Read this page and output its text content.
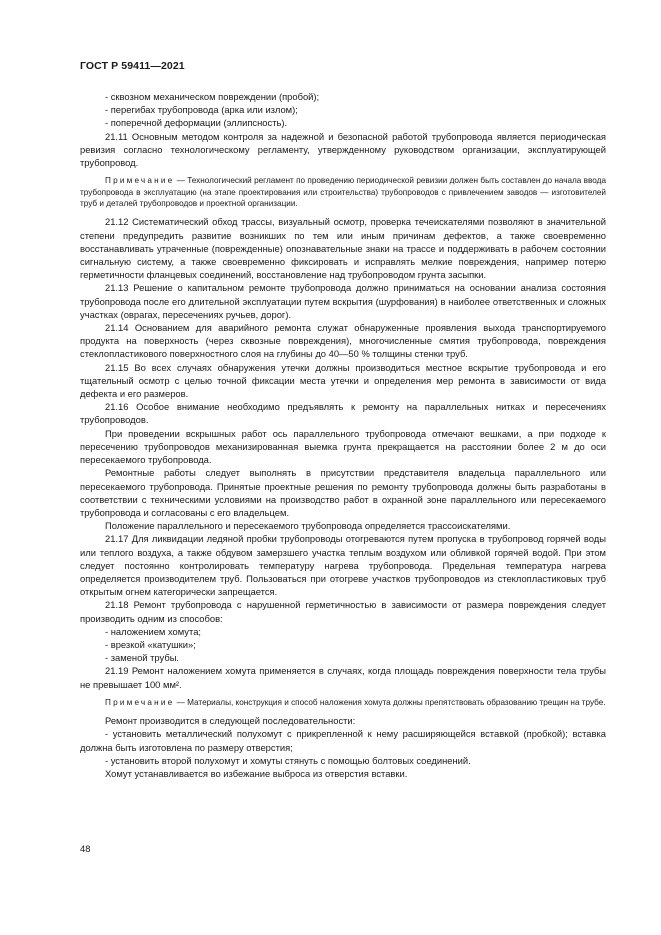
ГОСТ Р 59411—2021

- сквозном механическом повреждении (пробой);

- перегибах трубопровода (арка или излом);

- поперечной деформации (эллипсность).

21.11 Основным методом контроля за надежной и безопасной работой трубопровода является периодическая ревизия согласно технологическому регламенту, утвержденному руководством организации, эксплуатирующей трубопровод.

Примечание — Технологический регламент по проведению периодической ревизии должен быть составлен до начала ввода трубопровода в эксплуатацию (на этапе проектирования или строительства) трубопроводов с привлечением заводов — изготовителей труб и деталей трубопроводов и проектной организации.

21.12 Систематический обход трассы, визуальный осмотр, проверка течеискателями позволяют в значительной степени предупредить развитие возникших по тем или иным причинам дефектов, а также своевременно восстанавливать утраченные (поврежденные) опознавательные знаки на трассе и поддерживать в рабочем состоянии сигнальную систему, а также своевременно фиксировать и исправлять мелкие повреждения, например потерю герметичности фланцевых соединений, восстановление над трубопроводом грунта засыпки.

21.13 Решение о капитальном ремонте трубопровода должно приниматься на основании анализа состояния трубопровода после его длительной эксплуатации путем вскрытия (шурфования) в наиболее ответственных и сложных участках (оврагах, пересечениях ручьев, дорог).

21.14 Основанием для аварийного ремонта служат обнаруженные проявления выхода транспортируемого продукта на поверхность (через сквозные повреждения), многочисленные смятия трубопровода, повреждения стеклопластикового поверхностного слоя на глубины до 40—50 % толщины стенки труб.

21.15 Во всех случаях обнаружения утечки должны производиться местное вскрытие трубопровода и его тщательный осмотр с целью точной фиксации места утечки и определения мер ремонта в зависимости от вида дефекта и его размеров.

21.16 Особое внимание необходимо предъявлять к ремонту на параллельных нитках и пересечениях трубопроводов.

При проведении вскрышных работ ось параллельного трубопровода отмечают вешками, а при подходе к пересечению трубопроводов механизированная выемка грунта прекращается на расстоянии более 2 м до оси пересекаемого трубопровода.

Ремонтные работы следует выполнять в присутствии представителя владельца параллельного или пересекаемого трубопровода. Принятые проектные решения по ремонту трубопровода должны быть разработаны в соответствии с техническими условиями на производство работ в охранной зоне параллельного или пересекаемого трубопровода и согласованы с его владельцем.

Положение параллельного и пересекаемого трубопровода определяется трассоискателями.

21.17 Для ликвидации ледяной пробки трубопроводы отогреваются путем пропуска в трубопровод горячей воды или теплого воздуха, а также обдувом замерзшего участка теплым воздухом или обливкой горячей водой. При этом следует постоянно контролировать температуру нагрева трубопровода. Предельная температура нагрева определяется производителем труб. Пользоваться при отогреве участков трубопроводов из стеклопластиковых труб открытым огнем категорически запрещается.

21.18 Ремонт трубопровода с нарушенной герметичностью в зависимости от размера повреждения следует производить одним из способов:

- наложением хомута;

- врезкой «катушки»;

- заменой трубы.

21.19 Ремонт наложением хомута применяется в случаях, когда площадь повреждения поверхности тела трубы не превышает 100 мм².

Примечание — Материалы, конструкция и способ наложения хомута должны препятствовать образованию трещин на трубе.

Ремонт производится в следующей последовательности:

- установить металлический полухомут с прикрепленной к нему расширяющейся вставкой (пробкой); вставка должна быть изготовлена по размеру отверстия;

- установить второй полухомут и хомуты стянуть с помощью болтовых соединений.

Хомут устанавливается во избежание выброса из отверстия вставки.

48
